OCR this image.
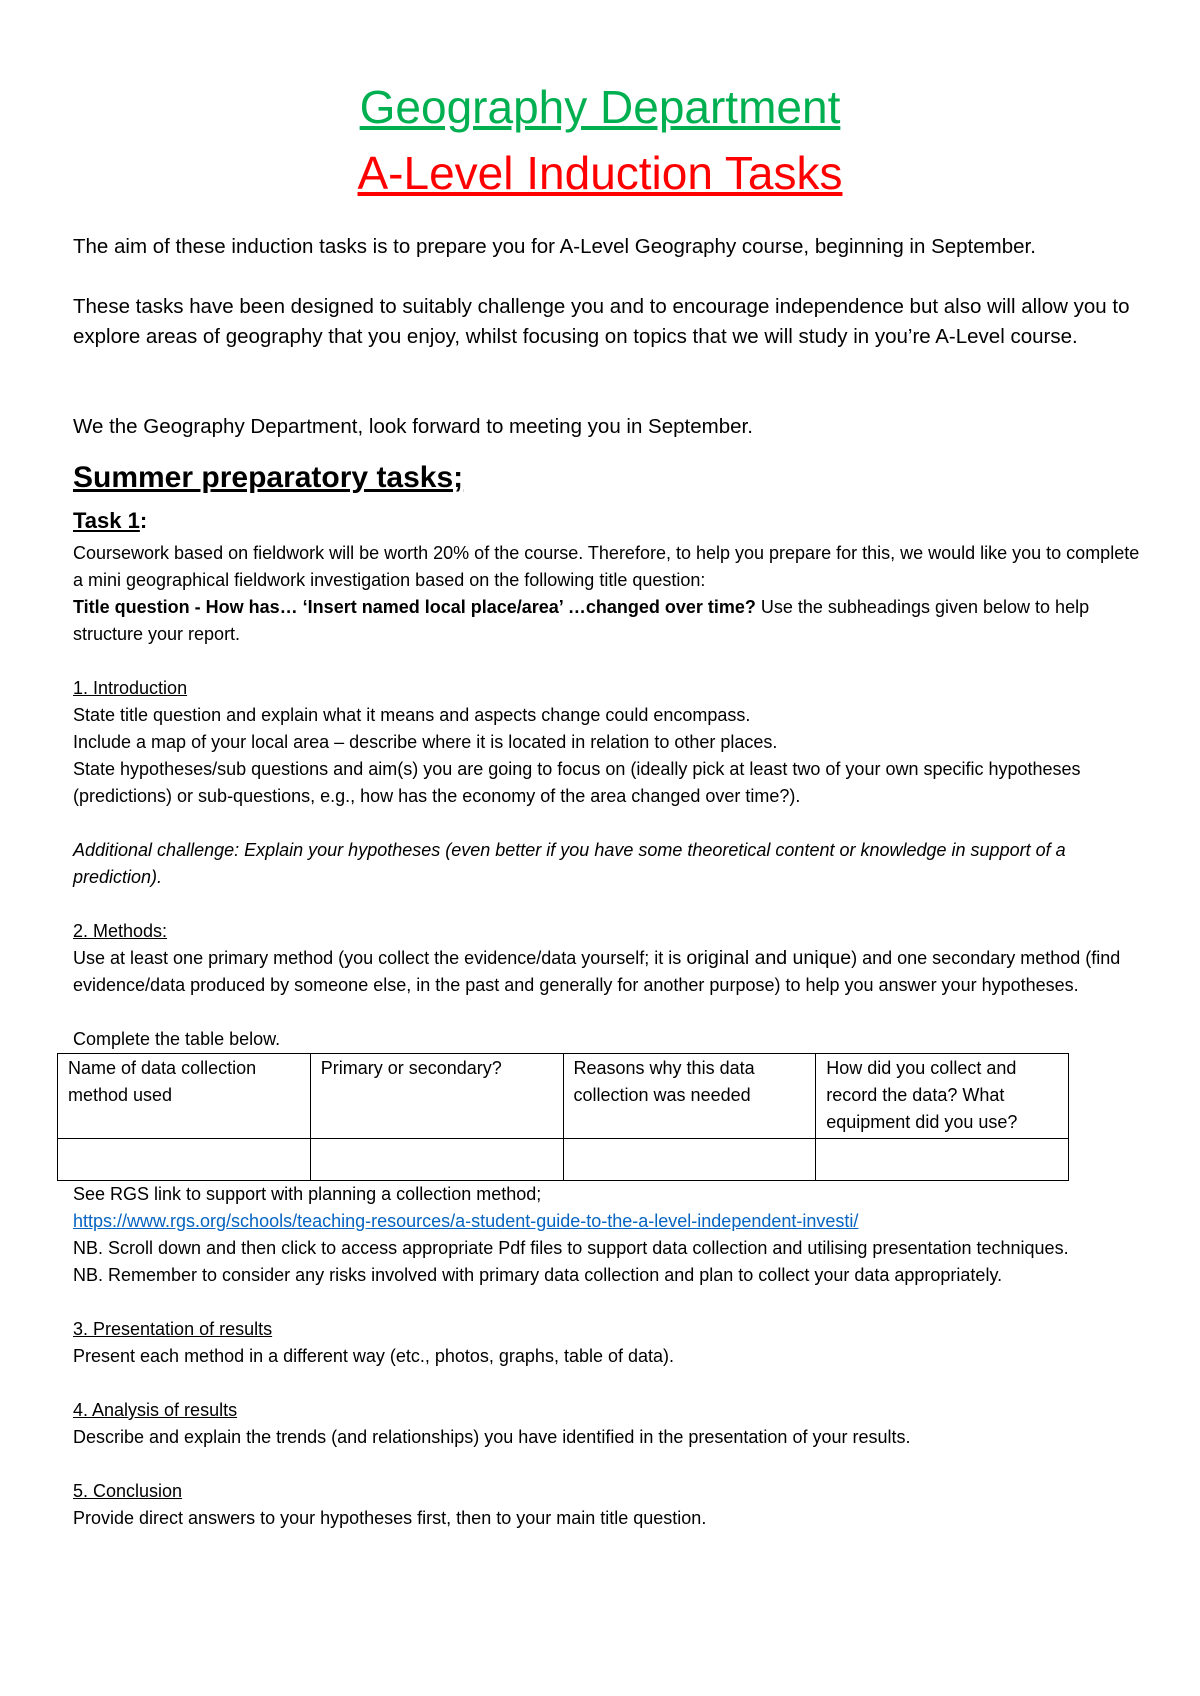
Geography Department
A-Level Induction Tasks

The aim of these induction tasks is to prepare you for A-Level Geography course, beginning in September.

These tasks have been designed to suitably challenge you and to encourage independence but also will allow you to explore areas of geography that you enjoy, whilst focusing on topics that we will study in you’re A-Level course.

We the Geography Department, look forward to meeting you in September.

Summer preparatory tasks;
Task 1:

Coursework based on fieldwork will be worth 20% of the course. Therefore, to help you prepare for this, we would like you to complete a mini geographical fieldwork investigation based on the following title question:

Title question - How has… ‘Insert named local place/area’ …changed over time? Use the subheadings given below to help structure your report.

1. Introduction

State title question and explain what it means and aspects change could encompass.

Include a map of your local area – describe where it is located in relation to other places.

State hypotheses/sub questions and aim(s) you are going to focus on (ideally pick at least two of your own specific hypotheses (predictions) or sub-questions, e.g., how has the economy of the area changed over time?).

Additional challenge: Explain your hypotheses (even better if you have some theoretical content or knowledge in support of a prediction).

2. Methods:

Use at least one primary method (you collect the evidence/data yourself; it is original and unique) and one secondary method (find evidence/data produced by someone else, in the past and generally for another purpose) to help you answer your hypotheses.

Complete the table below.

Name of data collection method used	Primary or secondary?	Reasons why this data collection was needed	How did you collect and record the data? What equipment did you use?

See RGS link to support with planning a collection method;

https://www.rgs.org/schools/teaching-resources/a-student-guide-to-the-a-level-independent-investi/

NB. Scroll down and then click to access appropriate Pdf files to support data collection and utilising presentation techniques.

NB. Remember to consider any risks involved with primary data collection and plan to collect your data appropriately.

3. Presentation of results

Present each method in a different way (etc., photos, graphs, table of data).

4. Analysis of results

Describe and explain the trends (and relationships) you have identified in the presentation of your results.

5. Conclusion

Provide direct answers to your hypotheses first, then to your main title question.
